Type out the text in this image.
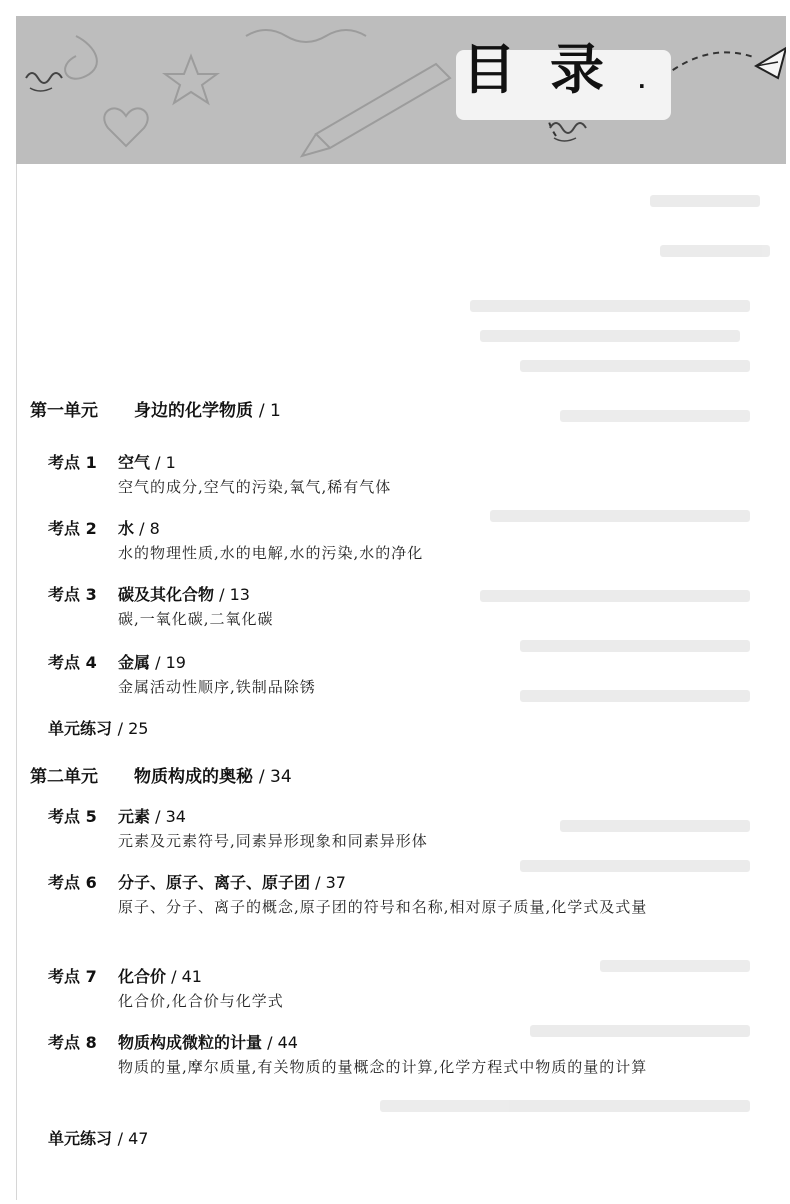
目录.
第一单元 身边的化学物质 / 1
考点 1 空气 / 1
空气的成分,空气的污染,氧气,稀有气体
考点 2 水 / 8
水的物理性质,水的电解,水的污染,水的净化
考点 3 碳及其化合物 / 13
碳,一氧化碳,二氧化碳
考点 4 金属 / 19
金属活动性顺序,铁制品除锈
单元练习 / 25
第二单元 物质构成的奥秘 / 34
考点 5 元素 / 34
元素及元素符号,同素异形现象和同素异形体
考点 6 分子、原子、离子、原子团 / 37
原子、分子、离子的概念,原子团的符号和名称,相对原子质量,化学式及式量
考点 7 化合价 / 41
化合价,化合价与化学式
考点 8 物质构成微粒的计量 / 44
物质的量,摩尔质量,有关物质的量概念的计算,化学方程式中物质的量的计算
单元练习 / 47
